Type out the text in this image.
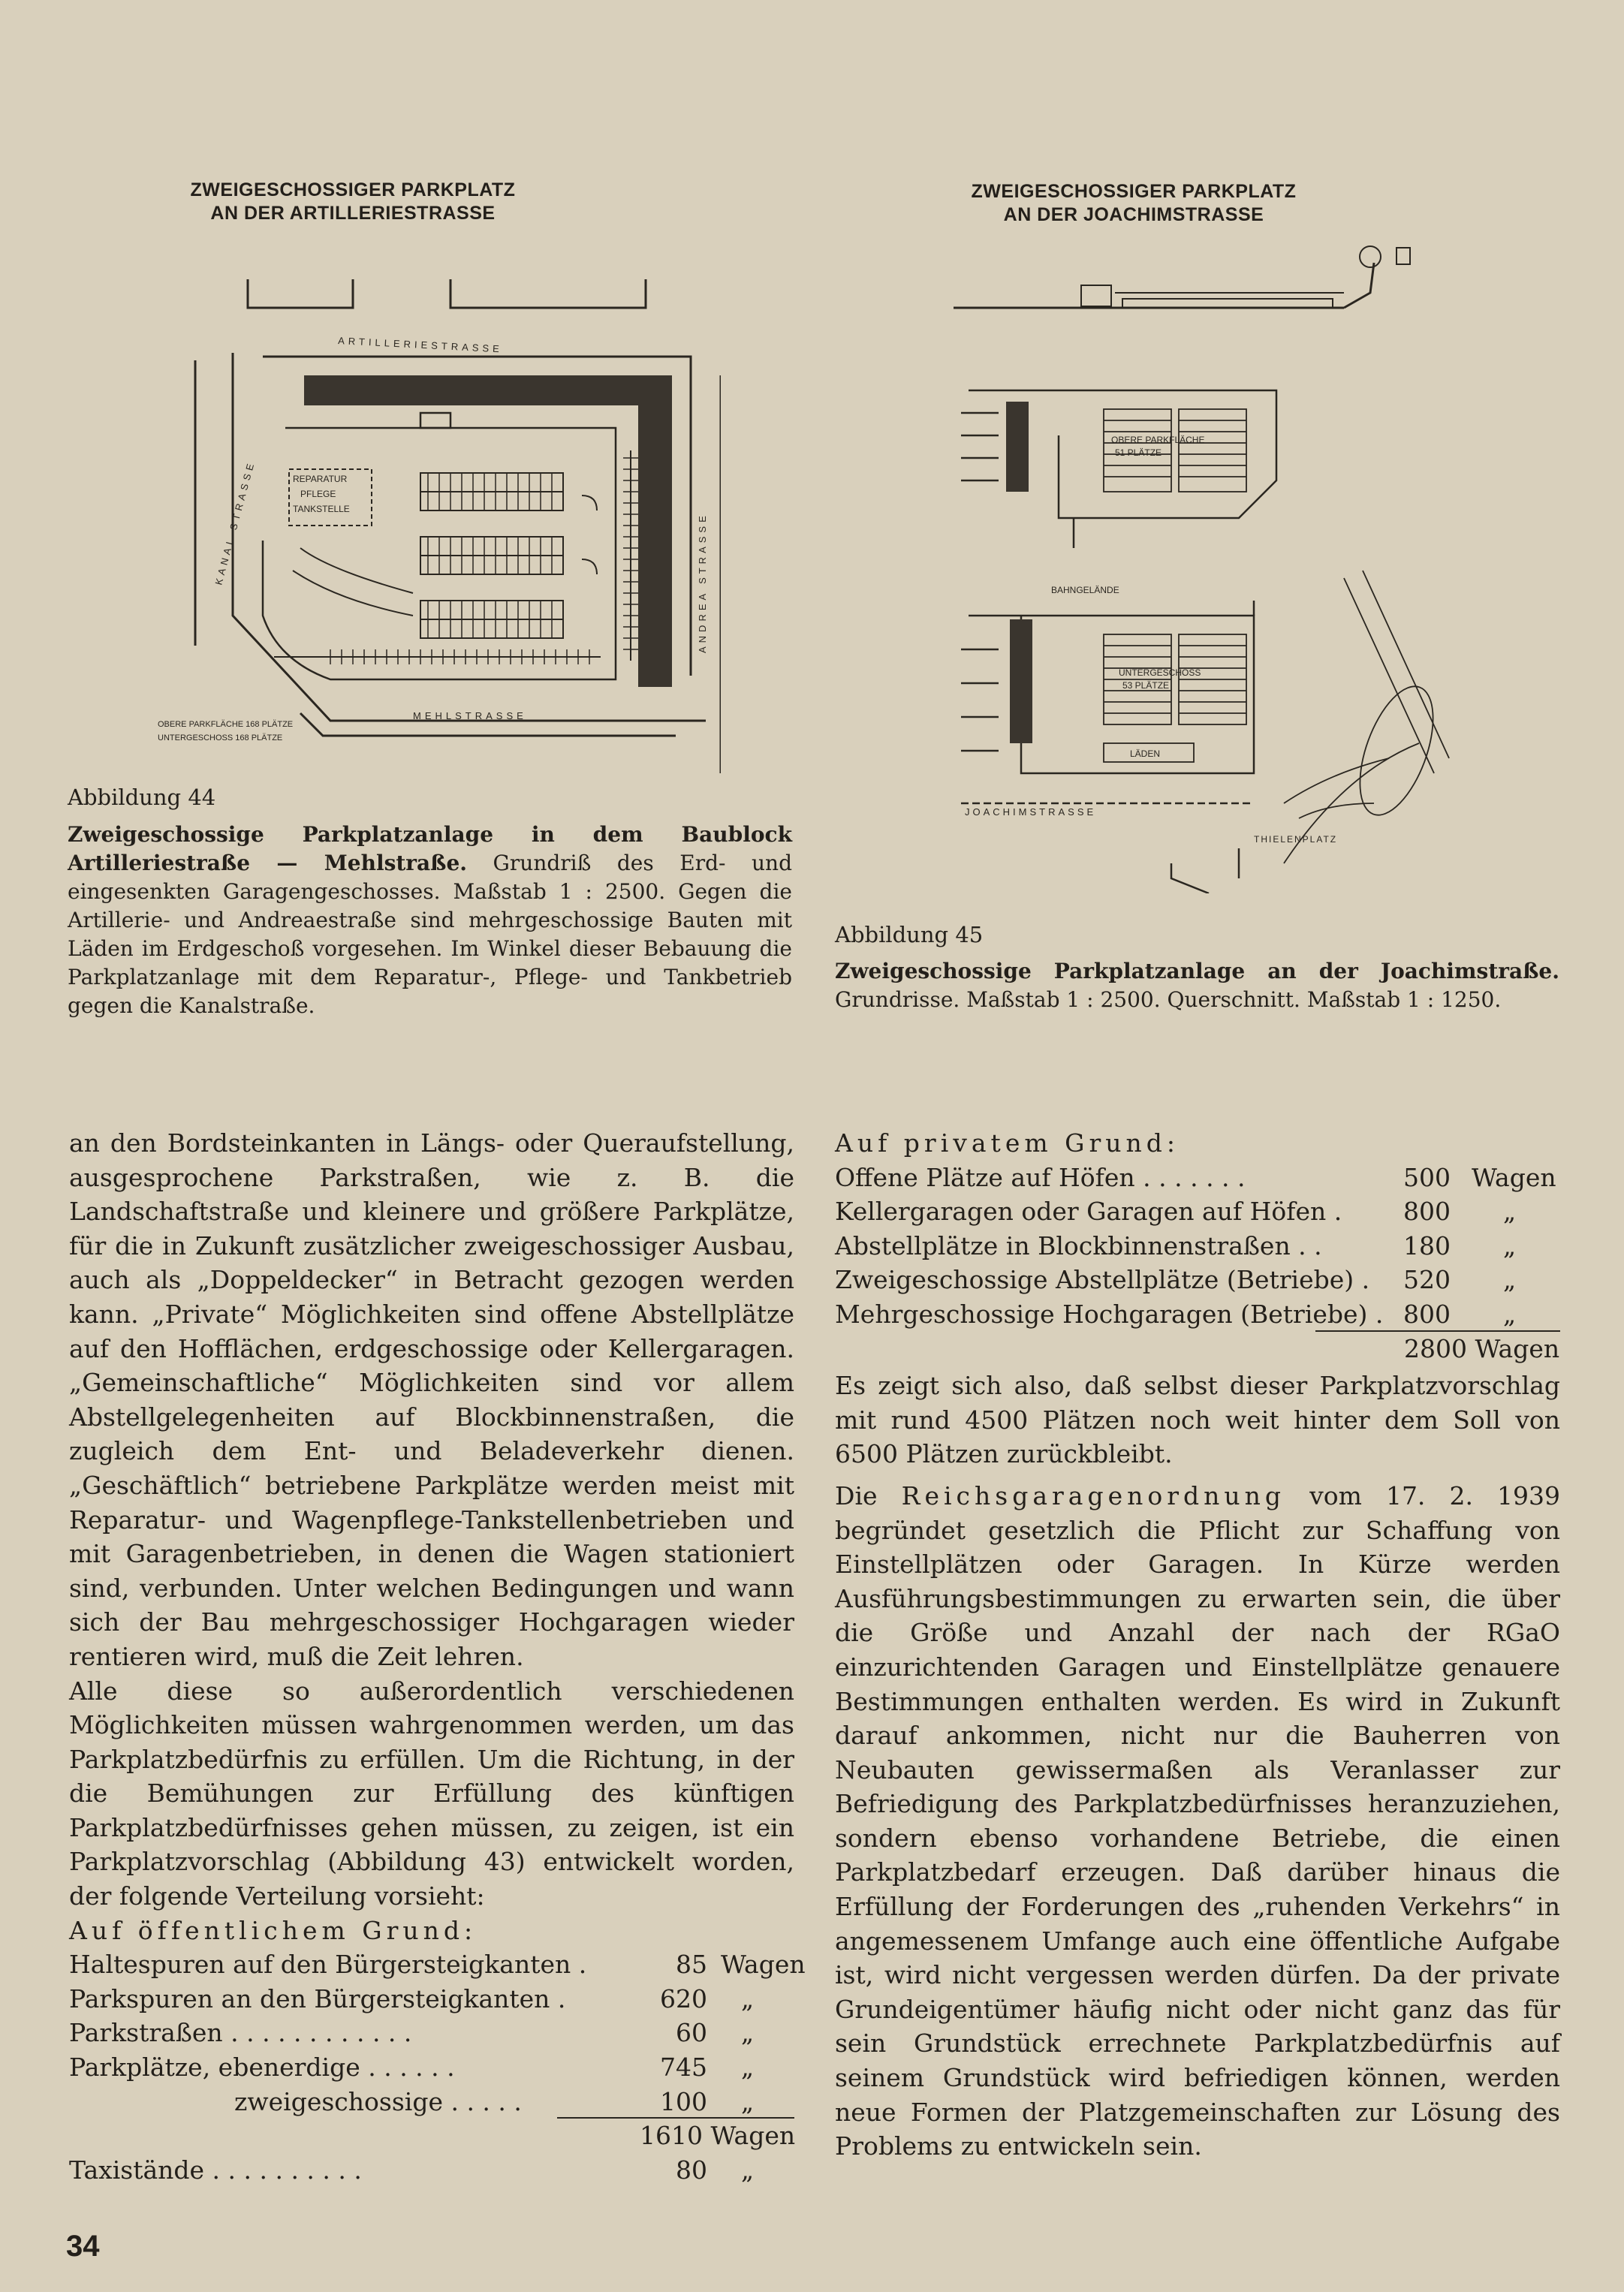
ZWEIGESCHOSSIGER PARKPLATZ
AN DER ARTILLERIESTRASSE
ARTILLERIESTRASSE
KANAL STRASSE	ANDREA STRASSE
MEHLSTRASSE
REPARATUR
PFLEGE
TANKSTELLE
OBERE PARKFLÄCHE 168 PLÄTZE
UNTERGESCHOSS 168 PLÄTZE
Abbildung 44
Zweigeschossige Parkplatzanlage in dem Baublock Artilleriestraße — Mehlstraße. Grundriß des Erd- und eingesenkten Garagengeschosses. Maßstab 1 : 2500. Gegen die Artillerie- und Andreaestraße sind mehrgeschossige Bauten mit Läden im Erdgeschoß vorgesehen. Im Winkel dieser Bebauung die Parkplatzanlage mit dem Reparatur-, Pflege- und Tankbetrieb gegen die Kanalstraße.
ZWEIGESCHOSSIGER PARKPLATZ
AN DER JOACHIMSTRASSE
OBERE PARKFLÄCHE
51 PLÄTZE
BAHNGELÄNDE
UNTERGESCHOSS
53 PLÄTZE
LÄDEN
JOACHIMSTRASSE
THIELENPLATZ
Abbildung 45
Zweigeschossige Parkplatzanlage an der Joachimstraße. Grundrisse. Maßstab 1 : 2500. Querschnitt. Maßstab 1 : 1250.

an den Bordsteinkanten in Längs- oder Queraufstellung, ausgesprochene Parkstraßen, wie z. B. die Landschaftstraße und kleinere und größere Parkplätze, für die in Zukunft zusätzlicher zweigeschossiger Ausbau, auch als „Doppeldecker“ in Betracht gezogen werden kann. „Private“ Möglichkeiten sind offene Abstellplätze auf den Hofflächen, erdgeschossige oder Kellergaragen. „Gemeinschaftliche“ Möglichkeiten sind vor allem Abstellgelegenheiten auf Blockbinnenstraßen, die zugleich dem Ent- und Beladeverkehr dienen. „Geschäftlich“ betriebene Parkplätze werden meist mit Reparatur- und Wagenpflege-Tankstellenbetrieben und mit Garagenbetrieben, in denen die Wagen stationiert sind, verbunden. Unter welchen Bedingungen und wann sich der Bau mehrgeschossiger Hochgaragen wieder rentieren wird, muß die Zeit lehren.

Alle diese so außerordentlich verschiedenen Möglichkeiten müssen wahrgenommen werden, um das Parkplatzbedürfnis zu erfüllen. Um die Richtung, in der die Bemühungen zur Erfüllung des künftigen Parkplatzbedürfnisses gehen müssen, zu zeigen, ist ein Parkplatzvorschlag (Abbildung 43) entwickelt worden, der folgende Verteilung vorsieht:

Auf öffentlichem Grund:
Haltespuren auf den Bürgersteigkanten .	85 Wagen
Parkspuren an den Bürgersteigkanten .	620 „
Parkstraßen . . . . . . . . . . . .	60 „
Parkplätze, ebenerdige . . . . . .	745 „
zweigeschossige . . . . .	100 „
1610 Wagen
Taxistände . . . . . . . . . .	80 „
Auf privatem Grund:
Offene Plätze auf Höfen . . . . . . .	500 Wagen
Kellergaragen oder Garagen auf Höfen .	800 „
Abstellplätze in Blockbinnenstraßen . .	180 „
Zweigeschossige Abstellplätze (Betriebe) .	520 „
Mehrgeschossige Hochgaragen (Betriebe) . 800 „
2800 Wagen

Es zeigt sich also, daß selbst dieser Parkplatzvorschlag mit rund 4500 Plätzen noch weit hinter dem Soll von 6500 Plätzen zurückbleibt.

Die Reichsgaragenordnung vom 17. 2. 1939 begründet gesetzlich die Pflicht zur Schaffung von Einstellplätzen oder Garagen. In Kürze werden Ausführungsbestimmungen zu erwarten sein, die über die Größe und Anzahl der nach der RGaO einzurichtenden Garagen und Einstellplätze genauere Bestimmungen enthalten werden. Es wird in Zukunft darauf ankommen, nicht nur die Bauherren von Neubauten gewissermaßen als Veranlasser zur Befriedigung des Parkplatzbedürfnisses heranzuziehen, sondern ebenso vorhandene Betriebe, die einen Parkplatzbedarf erzeugen. Daß darüber hinaus die Erfüllung der Forderungen des „ruhenden Verkehrs“ in angemessenem Umfange auch eine öffentliche Aufgabe ist, wird nicht vergessen werden dürfen. Da der private Grundeigentümer häufig nicht oder nicht ganz das für sein Grundstück errechnete Parkplatzbedürfnis auf seinem Grundstück wird befriedigen können, werden neue Formen der Platzgemeinschaften zur Lösung des Problems zu entwickeln sein.

34
